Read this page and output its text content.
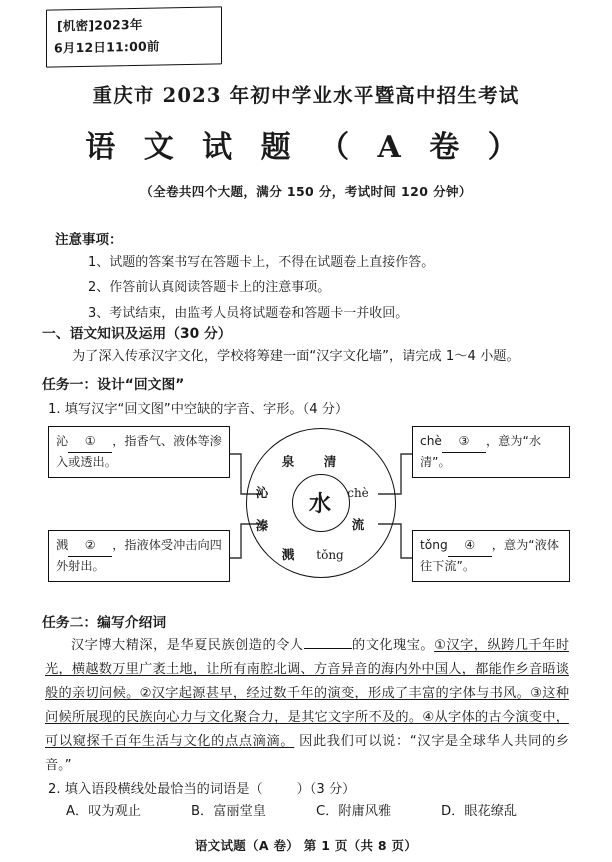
[机密]2023年
6月12日11:00前
重庆市 2023 年初中学业水平暨高中招生考试
语 文 试 题 （ A 卷 ）
（全卷共四个大题，满分 150 分，考试时间 120 分钟）
注意事项：
1、试题的答案书写在答题卡上，不得在试题卷上直接作答。
2、作答前认真阅读答题卡上的注意事项。
3、考试结束，由监考人员将试题卷和答题卡一并收回。
一、语文知识及运用（30 分）
为了深入传承汉字文化，学校将筹建一面“汉字文化墙”，请完成 1～4 小题。
任务一：设计“回文图”
1. 填写汉字“回文图”中空缺的字音、字形。（4 分）
水
泉 清
沁	chè
溱	流
溅 tǒng
沁 ① ，指香气、液体等渗入或透出。
溅 ② ，指液体受冲击向四外射出。
chè ③ ，意为“水清”。
tǒng ④ ，意为“液体往下流”。
任务二：编写介绍词
汉字博大精深，是华夏民族创造的令人	的文化瑰宝。①汉字，纵跨几千年时光，横越数万里广袤土地，让所有南腔北调、方音异音的海内外中国人，都能作乡音晤谈般的亲切问候。②汉字起源甚早，经过数千年的演变，形成了丰富的字体与书风。③这种问候所展现的民族向心力与文化聚合力，是其它文字所不及的。④从字体的古今演变中，可以窥探千百年生活与文化的点点滴滴。 因此我们可以说：“汉字是全球华人共同的乡音。”
2. 填入语段横线处最恰当的词语是（	）（3 分）
A．叹为观止	B．富丽堂皇	C．附庸风雅	D．眼花缭乱
语文试题（A 卷） 第 1 页（共 8 页）
